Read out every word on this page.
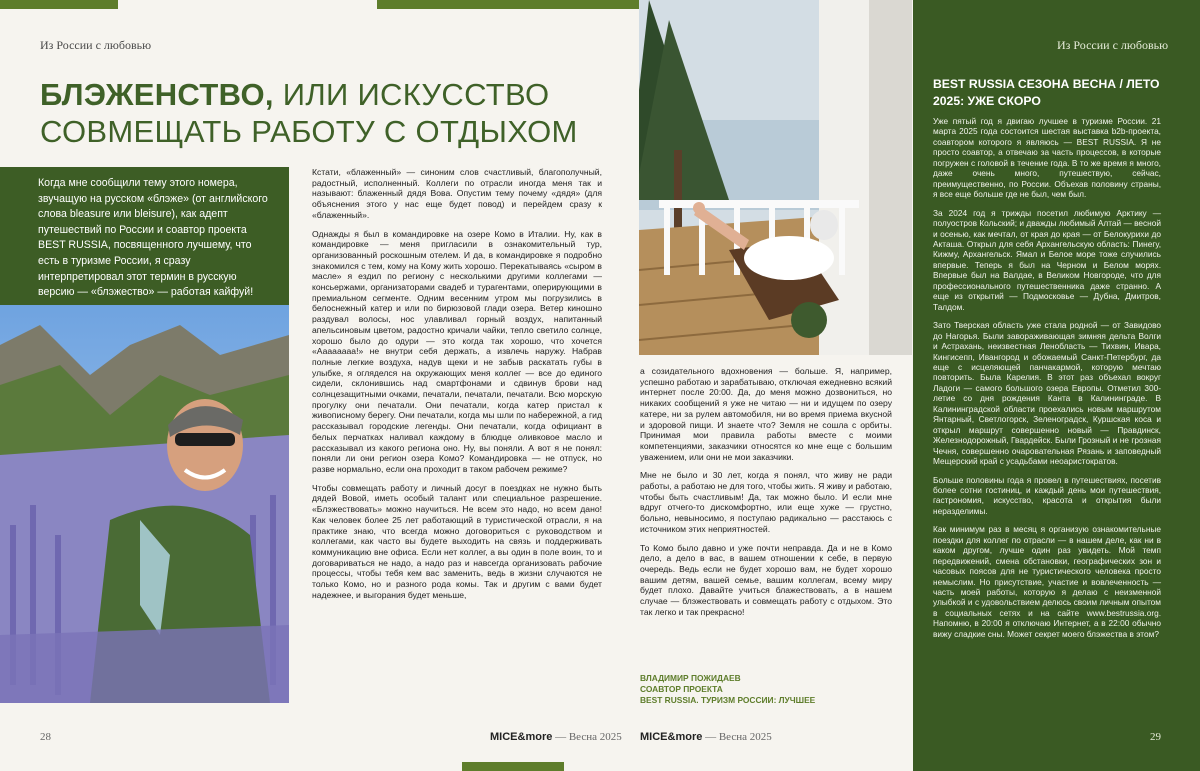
Из России с любовью
БЛЭЖЕНСТВО, ИЛИ ИСКУССТВО
СОВМЕЩАТЬ РАБОТУ С ОТДЫХОМ
Когда мне сообщили тему этого номера, звучащую на русском «блэже» (от английского слова bleasure или bleisure), как адепт путешествий по России и соавтор проекта BEST RUSSIA, посвященного лучшему, что есть в туризме России, я сразу интерпретировал этот термин в русскую версию — «блэжество» — работая кайфуй!

Кстати, «блаженный» — синоним слов счастливый, благополучный, радостный, исполненный. Коллеги по отрасли иногда меня так и называют: блаженный дядя Вова. Опустим тему почему «дядя» (для объяснения этого у нас еще будет повод) и перейдем сразу к «блаженный».

Однажды я был в командировке на озере Комо в Италии. Ну, как в командировке — меня пригласили в ознакомительный тур, организованный роскошным отелем. И да, в командировке я подробно знакомился с тем, кому на Кому жить хорошо. Перекатываясь «сыром в масле» я ездил по региону с несколькими другими коллегами — консьержами, организаторами свадеб и турагентами, оперирующими в премиальном сегменте. Одним весенним утром мы погрузились в белоснежный катер и или по бирюзовой глади озера. Ветер киношно раздувал волосы, нос улавливал горный воздух, напитанный апельсиновым цветом, радостно кричали чайки, тепло светило солнце, хорошо было до одури — это когда так хорошо, что хочется «Аааааааа!» не внутри себя держать, а извлечь наружу. Набрав полные легкие воздуха, надув щеки и не забыв раскатать губы в улыбке, я огляделся на окружающих меня коллег — все до единого сидели, склонившись над смартфонами и сдвинув брови над солнцезащитными очками, печатали, печатали, печатали. Всю морскую прогулку они печатали. Они печатали, когда катер пристал к живописному берегу. Они печатали, когда мы шли по набережной, а гид рассказывал городские легенды. Они печатали, когда официант в белых перчатках наливал каждому в блюдце оливковое масло и рассказывал из какого региона оно. Ну, вы поняли. А вот я не понял: поняли ли они регион озера Комо? Командировка — не отпуск, но разве нормально, если она проходит в таком рабочем режиме?

Чтобы совмещать работу и личный досуг в поездках не нужно быть дядей Вовой, иметь особый талант или специальное разрешение. «Блэжествовать» можно научиться. Не всем это надо, но всем дано! Как человек более 25 лет работающий в туристической отрасли, я на практике знаю, что всегда можно договориться с руководством и коллегами, как часто вы будете выходить на связь и поддерживать коммуникацию вне офиса. Если нет коллег, а вы один в поле воин, то и договариваться не надо, а надо раз и навсегда организовать рабочие процессы, чтобы тебя кем вас заменить, ведь в жизни случаются не только Комо, но и разного рода комы. Так и другим с вами будет надежнее, и выгорания будет меньше,

28	MICE&more — Весна 2025

а созидательного вдохновения — больше. Я, например, успешно работаю и зарабатываю, отключая ежедневно всякий интернет после 20:00. Да, до меня можно дозвониться, но никаких сообщений я уже не читаю — ни и идущем по озеру катере, ни за рулем автомобиля, ни во время приема вкусной и здоровой пищи. И знаете что? Земля не сошла с орбиты. Принимая мои правила работы вместе с моими компетенциями, заказчики относятся ко мне еще с большим уважением, или они не мои заказчики.

Мне не было и 30 лет, когда я понял, что живу не ради работы, а работаю не для того, чтобы жить. Я живу и работаю, чтобы быть счастливым! Да, так можно было. И если мне вдруг отчего-то дискомфортно, или еще хуже — грустно, больно, невыносимо, я поступаю радикально — расстаюсь с источником этих неприятностей.

То Комо было давно и уже почти неправда. Да и не в Комо дело, а дело в вас, в вашем отношении к себе, в первую очередь. Ведь если не будет хорошо вам, не будет хорошо вашим детям, вашей семье, вашим коллегам, всему миру будет плохо. Давайте учиться блажествовать, а в нашем случае — блэжествовать и совмещать работу с отдыхом. Это так легко и так прекрасно!

ВЛАДИМИР ПОЖИДАЕВ
СОАВТОР ПРОЕКТА
BEST RUSSIA. ТУРИЗМ РОССИИ: ЛУЧШЕЕ
MICE&more — Весна 2025
Из России с любовью
BEST RUSSIA СЕЗОНА ВЕСНА / ЛЕТО 2025: УЖЕ СКОРО

Уже пятый год я двигаю лучшее в туризме России. 21 марта 2025 года состоится шестая выставка b2b-проекта, соавтором которого я являюсь — BEST RUSSIA. Я не просто соавтор, а отвечаю за часть процессов, в которые погружен с головой в течение года. В то же время я много, даже очень много, путешествую, сейчас, преимущественно, по России. Объехав половину страны, я все еще больше где не был, чем был.

За 2024 год я трижды посетил любимую Арктику — полуостров Кольский; и дважды любимый Алтай — весной и осенью, как мечтал, от края до края — от Белокурихи до Акташа. Открыл для себя Архангельскую область: Пинегу, Кижму, Архангельск. Ямал и Белое море тоже случились впервые. Теперь я был на Черном и Белом морях. Впервые был на Валдае, в Великом Новгороде, что для профессионального путешественника даже странно. А еще из открытий — Подмосковье — Дубна, Дмитров, Талдом.

Зато Тверская область уже стала родной — от Завидово до Нагорья. Были завораживающая зимняя дельта Волги и Астрахань, неизвестная Ленобласть — Тихвин, Ивара, Кингисепп, Ивангород и обожаемый Санкт-Петербург, да еще с исцеляющей панчакармой, которую мечтаю повторить. Была Карелия. В этот раз объехал вокруг Ладоги — самого большого озера Европы. Отметил 300-летие со дня рождения Канта в Калининграде. В Калининградской области проехались новым маршрутом Янтарный, Светлогорск, Зеленоградск, Куршская коса и открыл маршрут совершенно новый — Правдинск, Железнодорожный, Гвардейск. Были Грозный и не грозная Чечня, совершенно очаровательная Рязань и заповедный Мещерский край с усадьбами неоаристократов.

Больше половины года я провел в путешествиях, посетив более сотни гостиниц, и каждый день мои путешествия, гастрономия, искусство, красота и открытия были неразделимы.

Как минимум раз в месяц я организую ознакомительные поездки для коллег по отрасли — в нашем деле, как ни в каком другом, лучше один раз увидеть. Мой темп передвижений, смена обстановки, географических зон и часовых поясов для не туристического человека просто немыслим. Но присутствие, участие и вовлеченность — часть моей работы, которую я делаю с неизменной улыбкой и с удовольствием делюсь своим личным опытом в социальных сетях и на сайте www.bestrussia.org. Напомню, в 20:00 я отключаю Интернет, а в 22:00 обычно вижу сладкие сны. Может секрет моего блэжества в этом?

29
